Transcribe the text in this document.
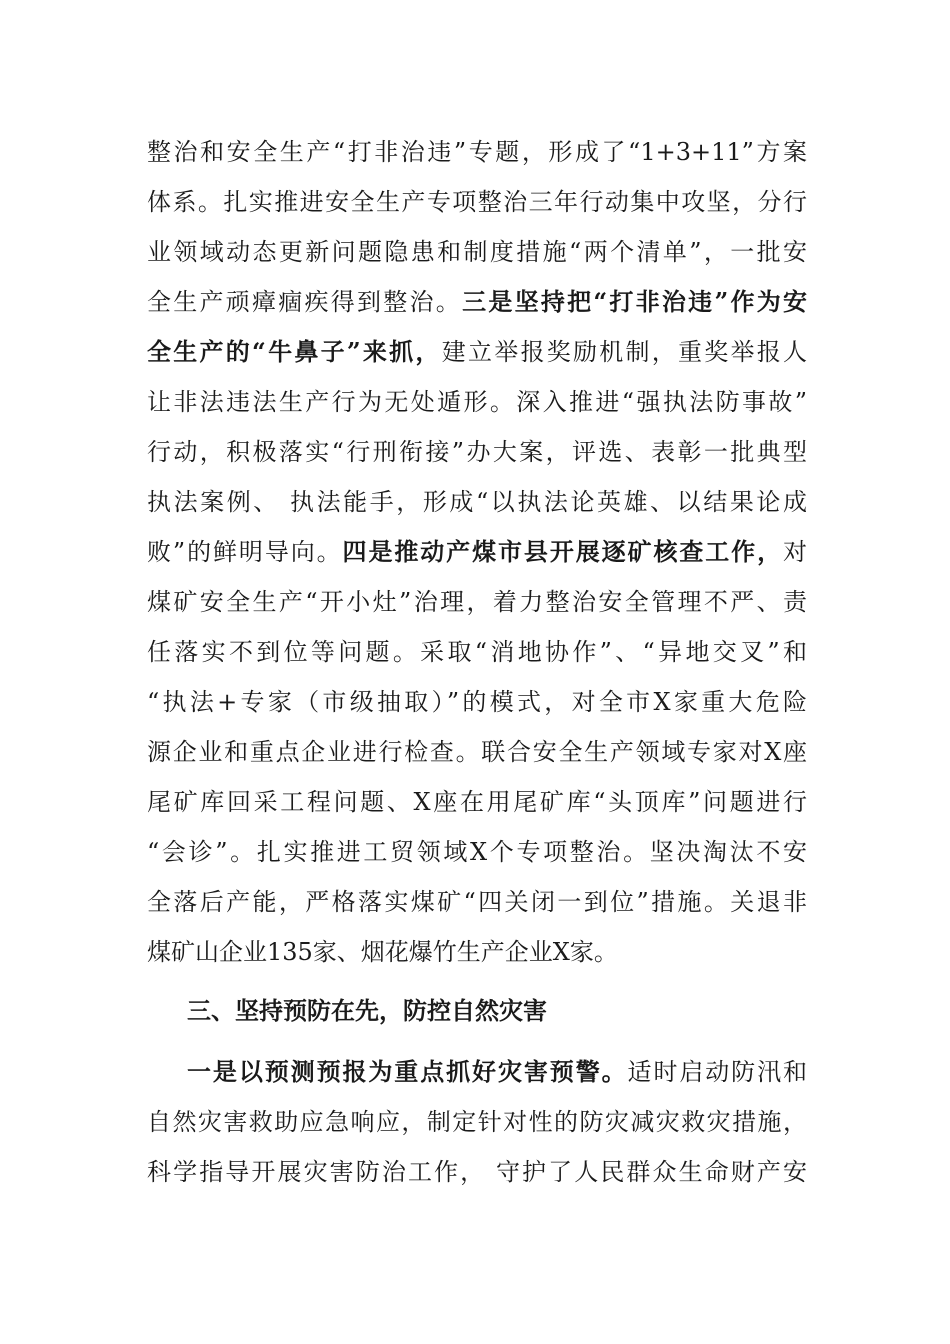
整治和安全生产“打非治违”专题，形成了“1+3+11”方案
体系。扎实推进安全生产专项整治三年行动集中攻坚，分行
业领域动态更新问题隐患和制度措施“两个清单”，一批安
全生产顽瘴痼疾得到整治。三是坚持把“打非治违”作为安
全生产的“牛鼻子”来抓，建立举报奖励机制，重奖举报人
让非法违法生产行为无处遁形。深入推进“强执法防事故”
行动，积极落实“行刑衔接”办大案，评选、表彰一批典型
执法案例、 执法能手，形成“以执法论英雄、以结果论成
败”的鲜明导向。四是推动产煤市县开展逐矿核查工作，对
煤矿安全生产“开小灶”治理，着力整治安全管理不严、责
任落实不到位等问题。采取“消地协作”、“异地交叉”和
“执法+专家（市级抽取）”的模式，对全市X家重大危险
源企业和重点企业进行检查。联合安全生产领域专家对X座
尾矿库回采工程问题、X座在用尾矿库“头顶库”问题进行
“会诊”。扎实推进工贸领域X个专项整治。坚决淘汰不安
全落后产能，严格落实煤矿“四关闭一到位”措施。关退非
煤矿山企业135家、烟花爆竹生产企业X家。
三、坚持预防在先，防控自然灾害
一是以预测预报为重点抓好灾害预警。适时启动防汛和
自然灾害救助应急响应，制定针对性的防灾减灾救灾措施，
科学指导开展灾害防治工作， 守护了人民群众生命财产安
